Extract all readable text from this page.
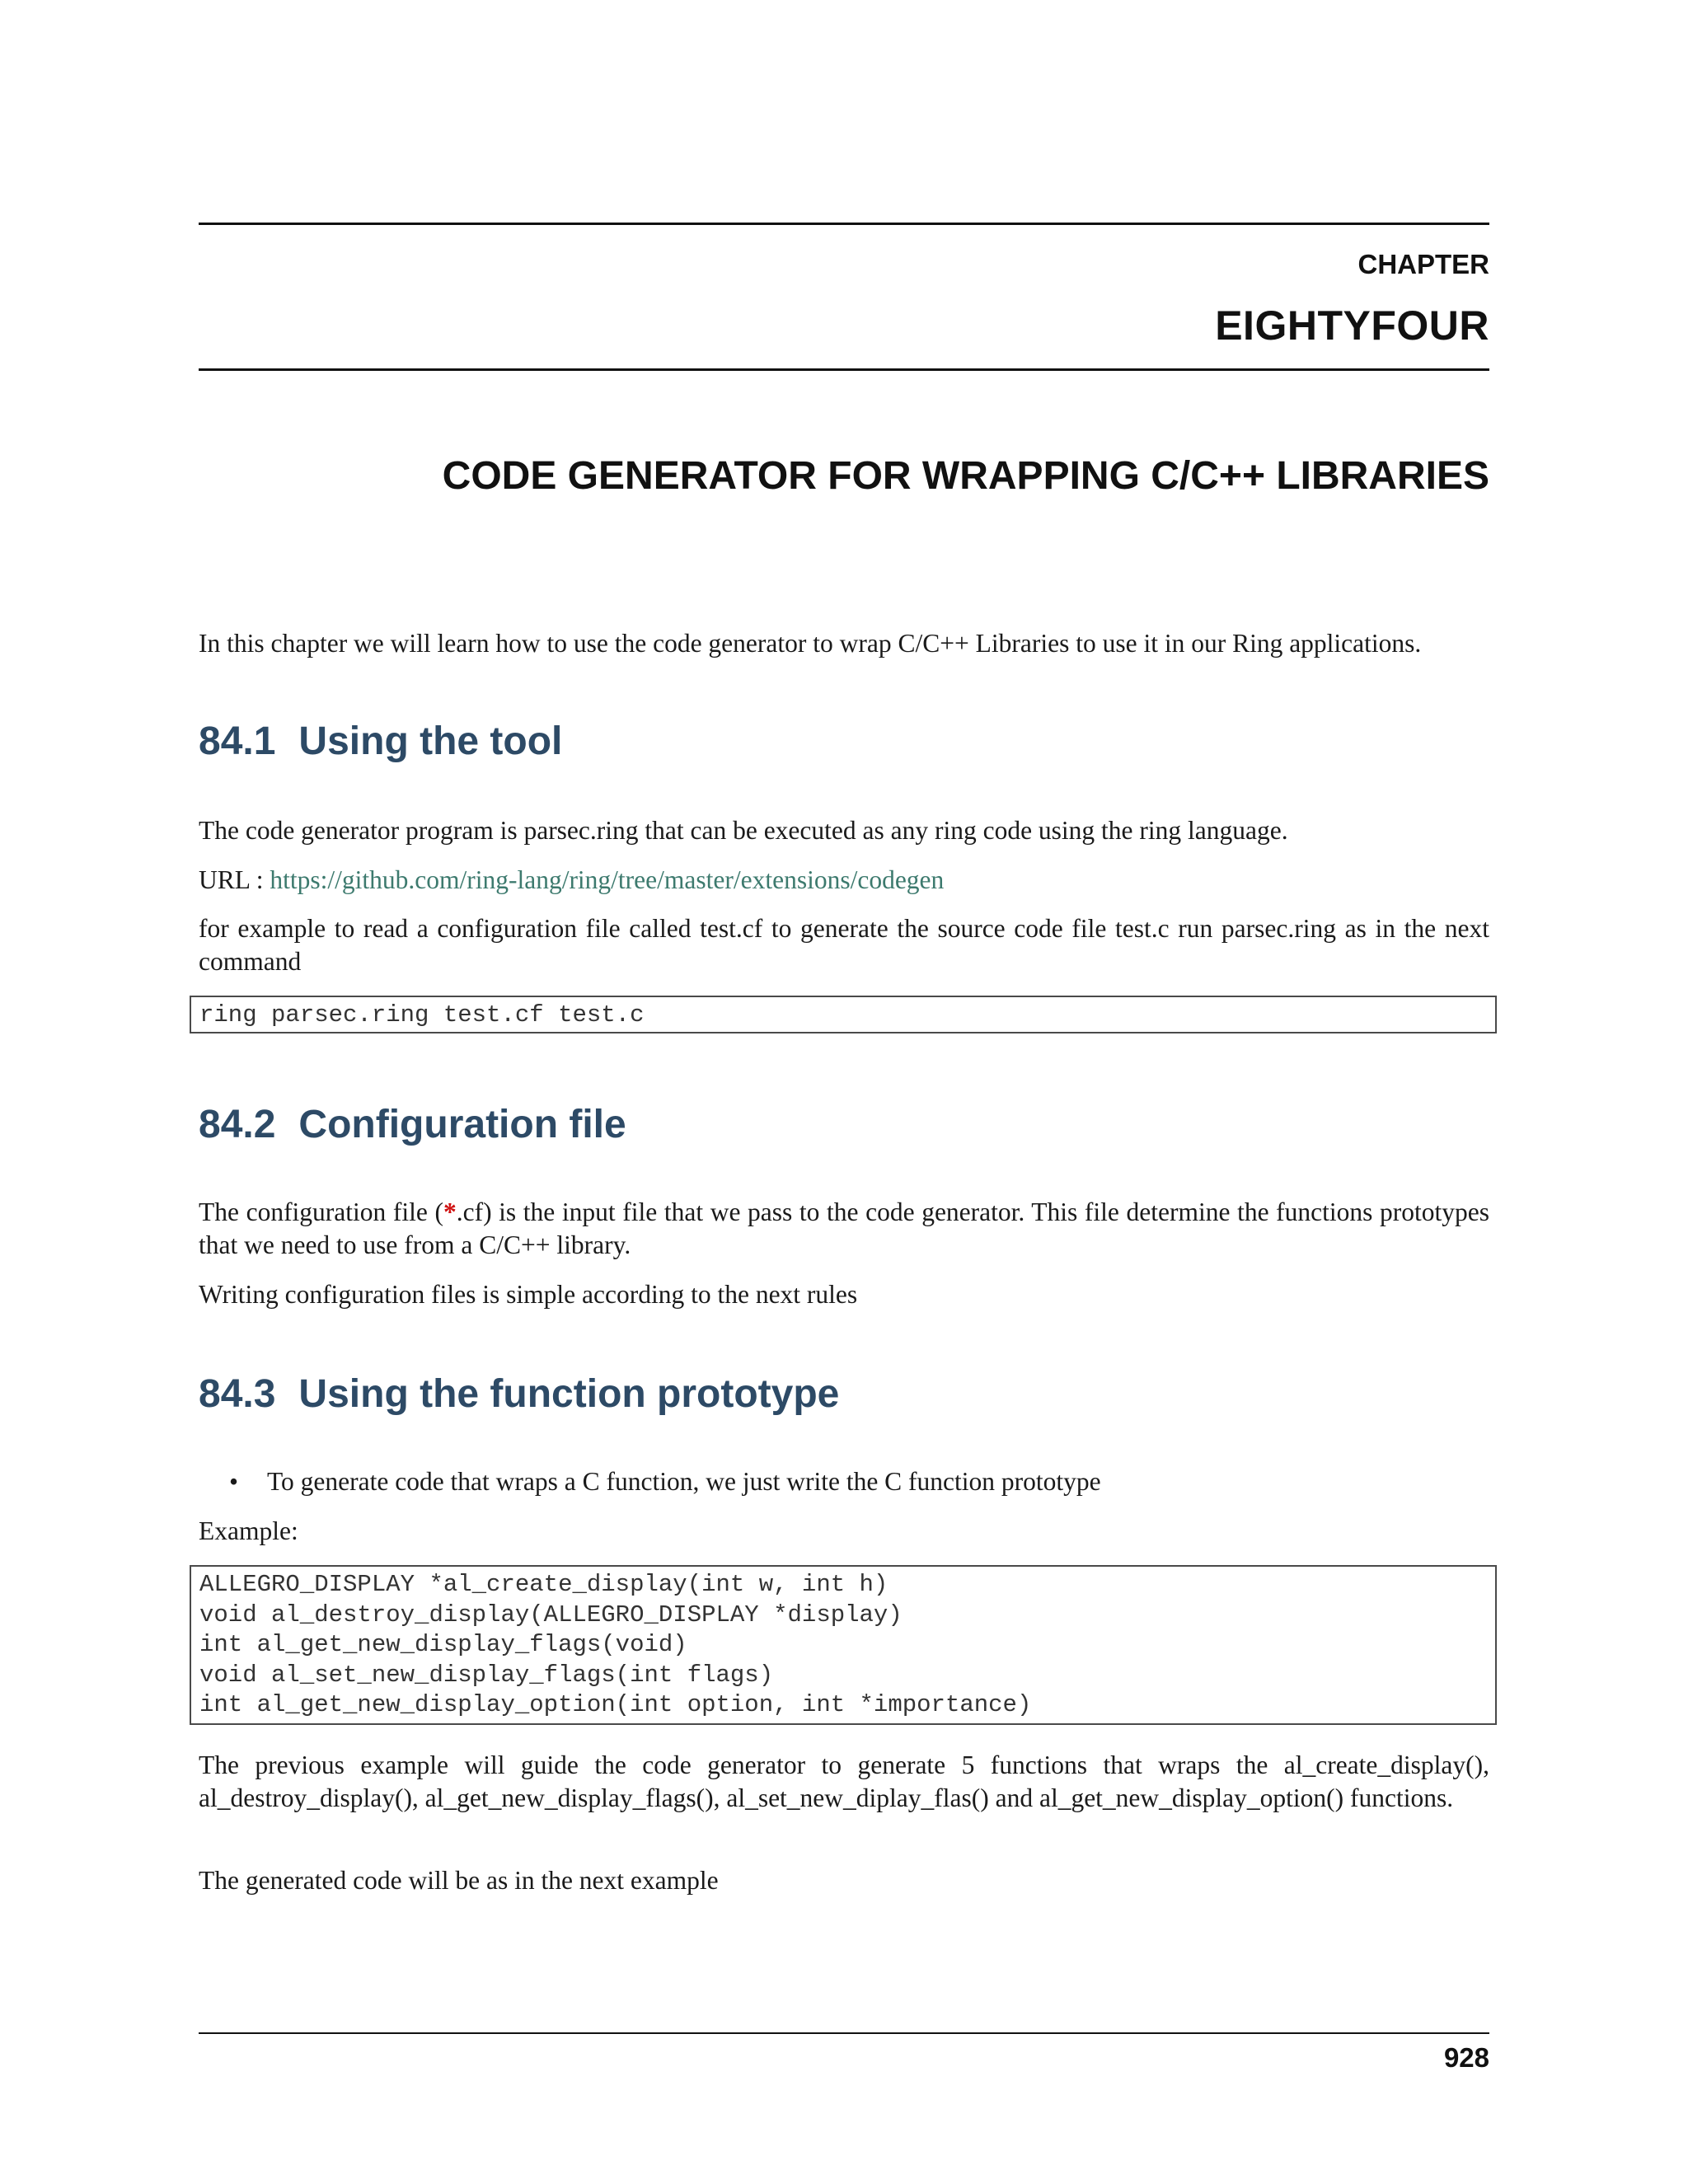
CHAPTER
EIGHTYFOUR
CODE GENERATOR FOR WRAPPING C/C++ LIBRARIES
In this chapter we will learn how to use the code generator to wrap C/C++ Libraries to use it in our Ring applications.
84.1 Using the tool
The code generator program is parsec.ring that can be executed as any ring code using the ring language.
URL : https://github.com/ring-lang/ring/tree/master/extensions/codegen
for example to read a configuration file called test.cf to generate the source code file test.c run parsec.ring as in the next command
ring parsec.ring test.cf test.c
84.2 Configuration file
The configuration file (*.cf) is the input file that we pass to the code generator. This file determine the functions prototypes that we need to use from a C/C++ library.
Writing configuration files is simple according to the next rules
84.3 Using the function prototype
• To generate code that wraps a C function, we just write the C function prototype
Example:
ALLEGRO_DISPLAY *al_create_display(int w, int h)
void al_destroy_display(ALLEGRO_DISPLAY *display)
int al_get_new_display_flags(void)
void al_set_new_display_flags(int flags)
int al_get_new_display_option(int option, int *importance)
The previous example will guide the code generator to generate 5 functions that wraps the al_create_display(), al_destroy_display(), al_get_new_display_flags(), al_set_new_diplay_flas() and al_get_new_display_option() functions.
The generated code will be as in the next example
928
